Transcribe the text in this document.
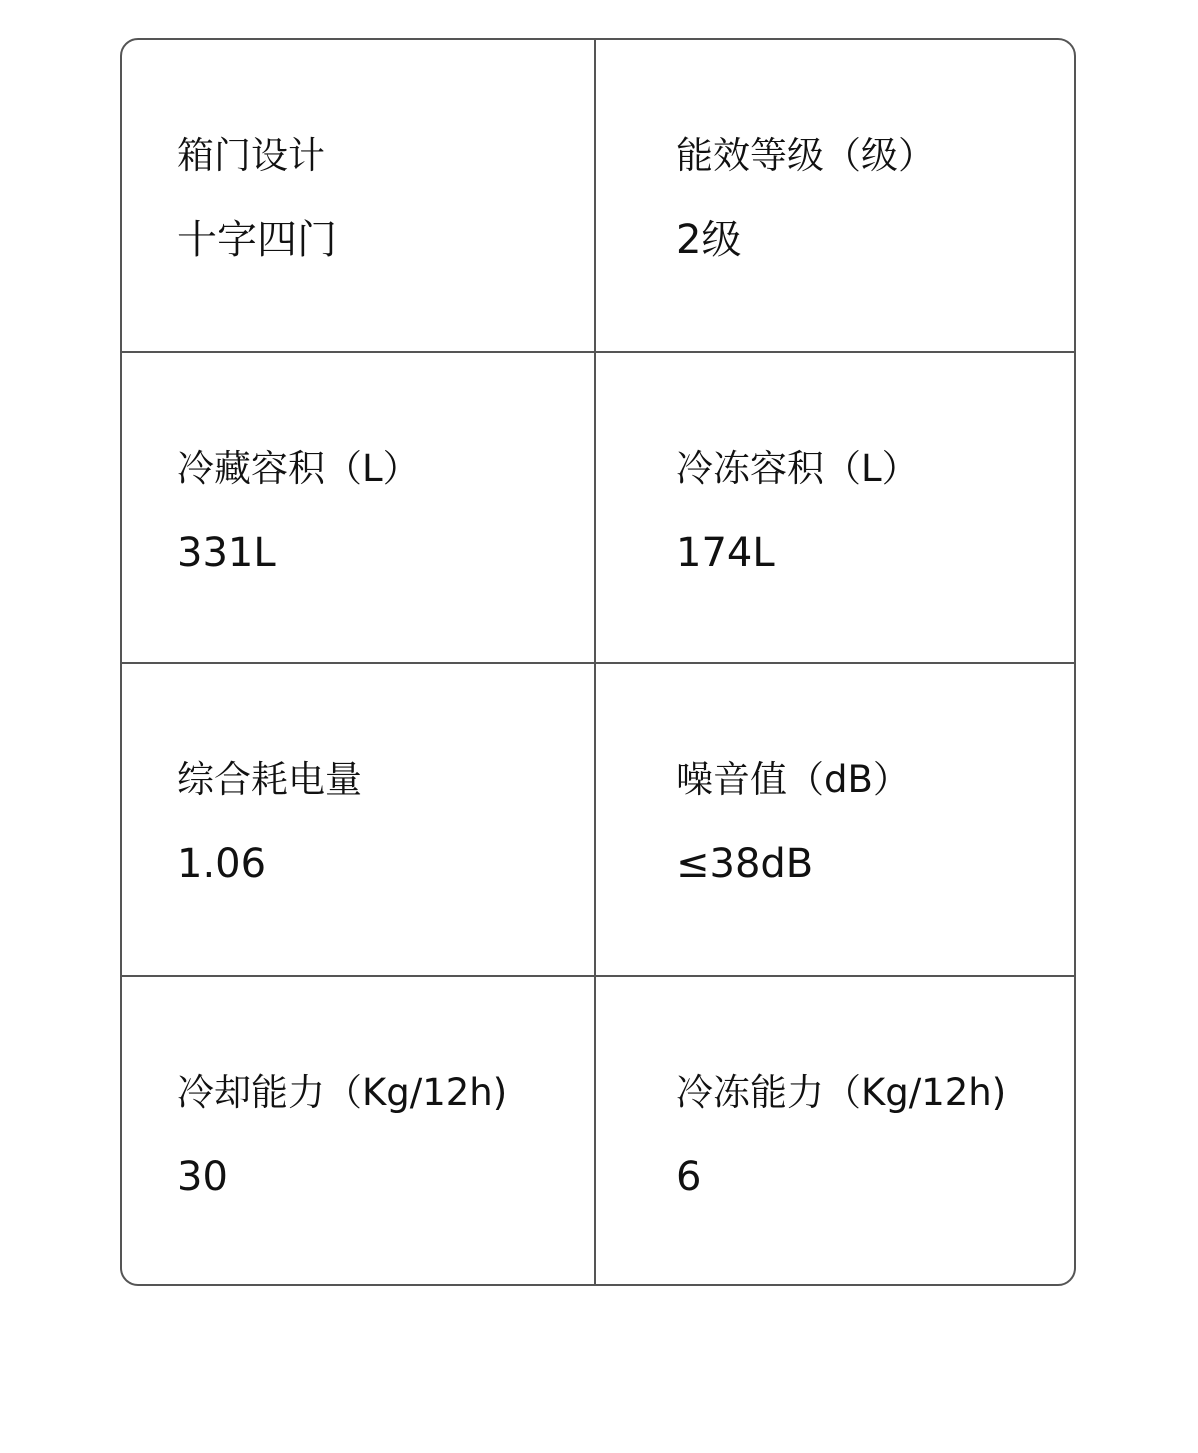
箱门设计
十字四门
能效等级（级）
2级
冷藏容积（L）
331L
冷冻容积（L）
174L
综合耗电量
1.06
噪音值（dB）
≤38dB
冷却能力（Kg/12h)
30
冷冻能力（Kg/12h)
6
